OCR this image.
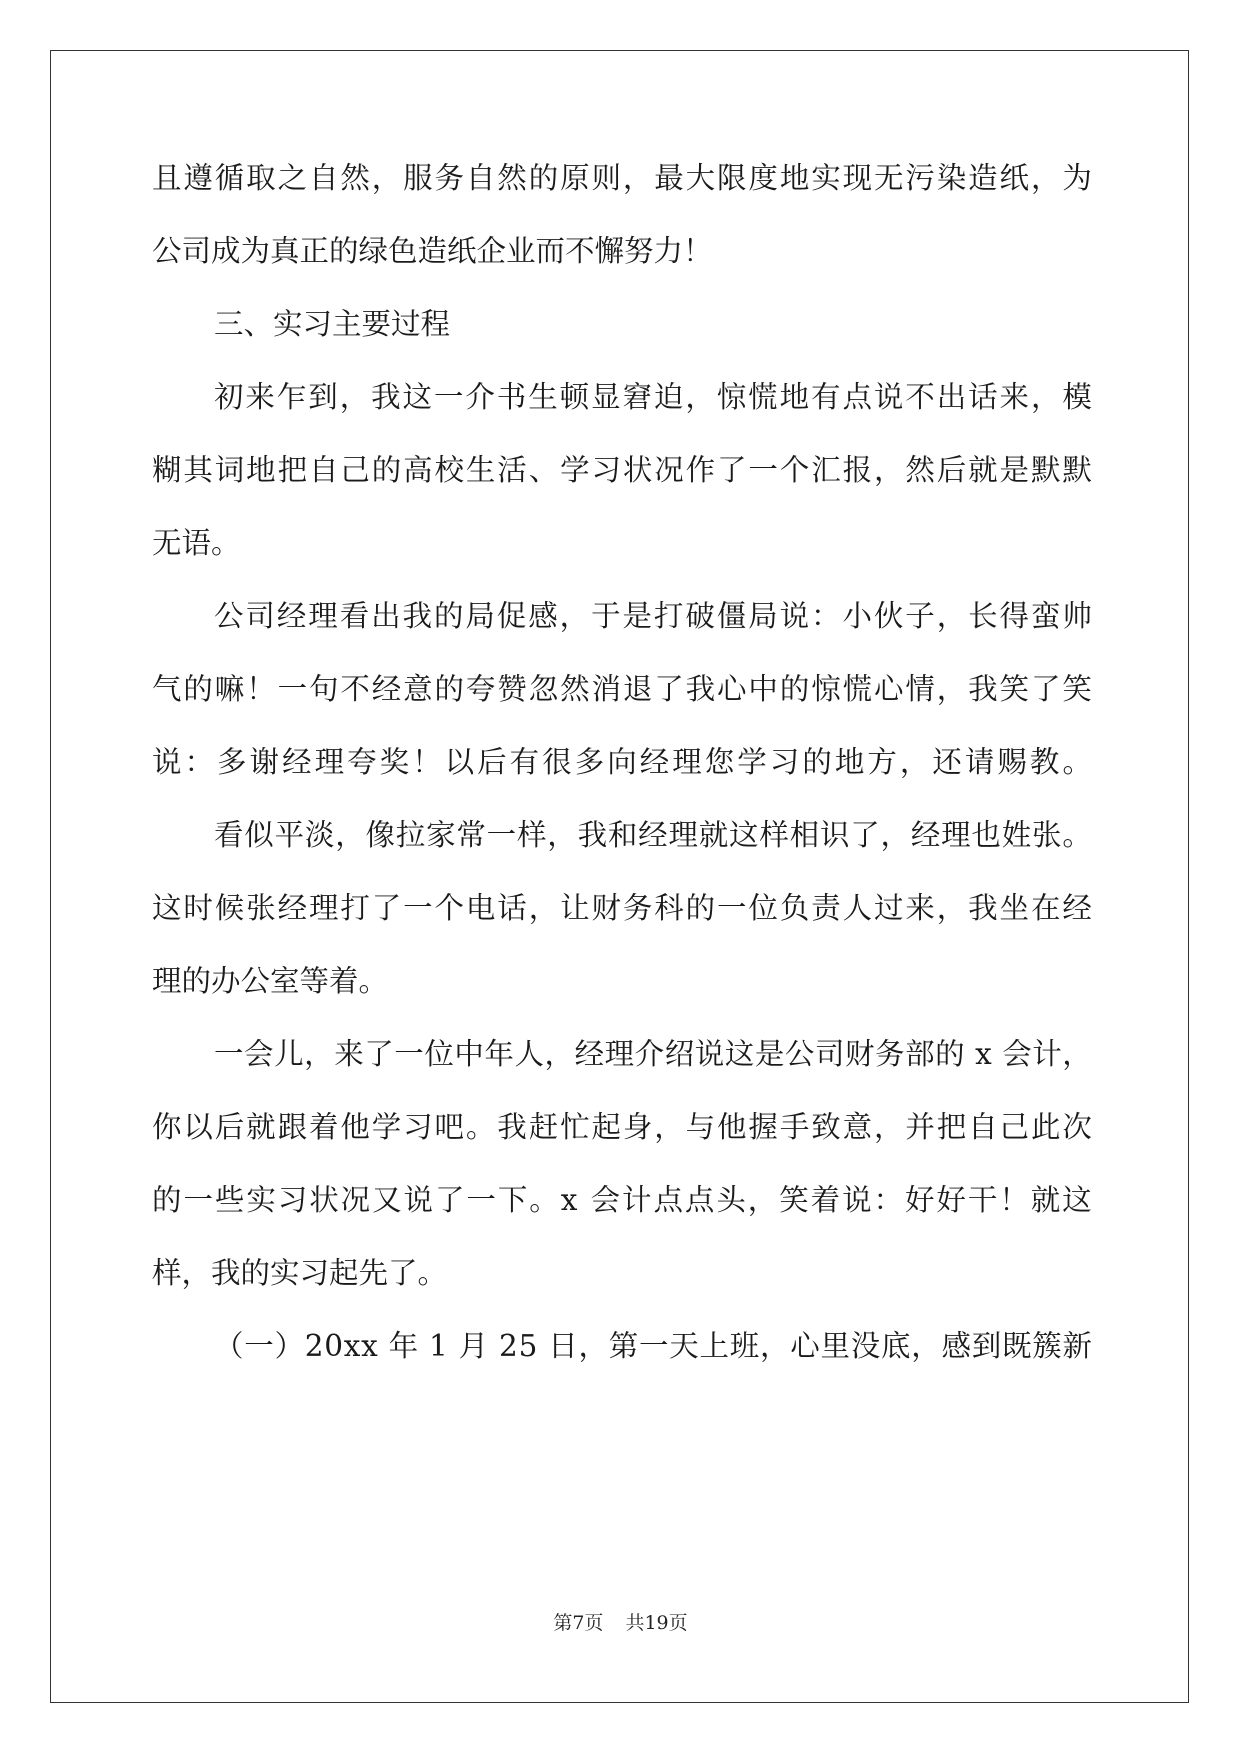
且 遵 循 取 之 自 然 ， 服 务 自 然 的 原 则 ， 最 大 限 度 地 实 现 无 污 染 造 纸 ， 为
公司成为真正的绿色造纸企业而不懈努力！
三、实习主要过程
初 来 乍 到 ， 我 这 一 介 书 生 顿 显 窘 迫 ， 惊 慌 地 有 点 说 不 出 话 来 ， 模
糊 其 词 地 把 自 己 的 高 校 生 活 、 学 习 状 况 作 了 一 个 汇 报 ， 然 后 就 是 默 默
无语。
公 司 经 理 看 出 我 的 局 促 感 ， 于 是 打 破 僵 局 说 ： 小 伙 子 ， 长 得 蛮 帅
气 的 嘛 ！ 一 句 不 经 意 的 夸 赞 忽 然 消 退 了 我 心 中 的 惊 慌 心 情 ， 我 笑 了 笑
说 ： 多 谢 经 理 夸 奖 ！ 以 后 有 很 多 向 经 理 您 学 习 的 地 方 ， 还 请 赐 教 。
看 似 平 淡 ， 像 拉 家 常 一 样 ， 我 和 经 理 就 这 样 相 识 了 ， 经 理 也 姓 张 。
这 时 候 张 经 理 打 了 一 个 电 话 ， 让 财 务 科 的 一 位 负 责 人 过 来 ， 我 坐 在 经
理的办公室等着。
一 会 儿 ， 来 了 一 位 中 年 人 ， 经 理 介 绍 说 这 是 公 司 财 务 部 的
x
会 计 ，
你 以 后 就 跟 着 他 学 习 吧 。 我 赶 忙 起 身 ， 与 他 握 手 致 意 ， 并 把 自 己 此 次
的 一 些 实 习 状 况 又 说 了 一 下 。 x
会 计 点 点 头 ， 笑 着 说 ： 好 好 干 ！ 就 这
样，我的实习起先了。
（ 一 ） 2 0 x x
年
1
月
2 5
日 ， 第 一 天 上 班 ， 心 里 没 底 ， 感 到 既 簇 新
第7页 共19页
